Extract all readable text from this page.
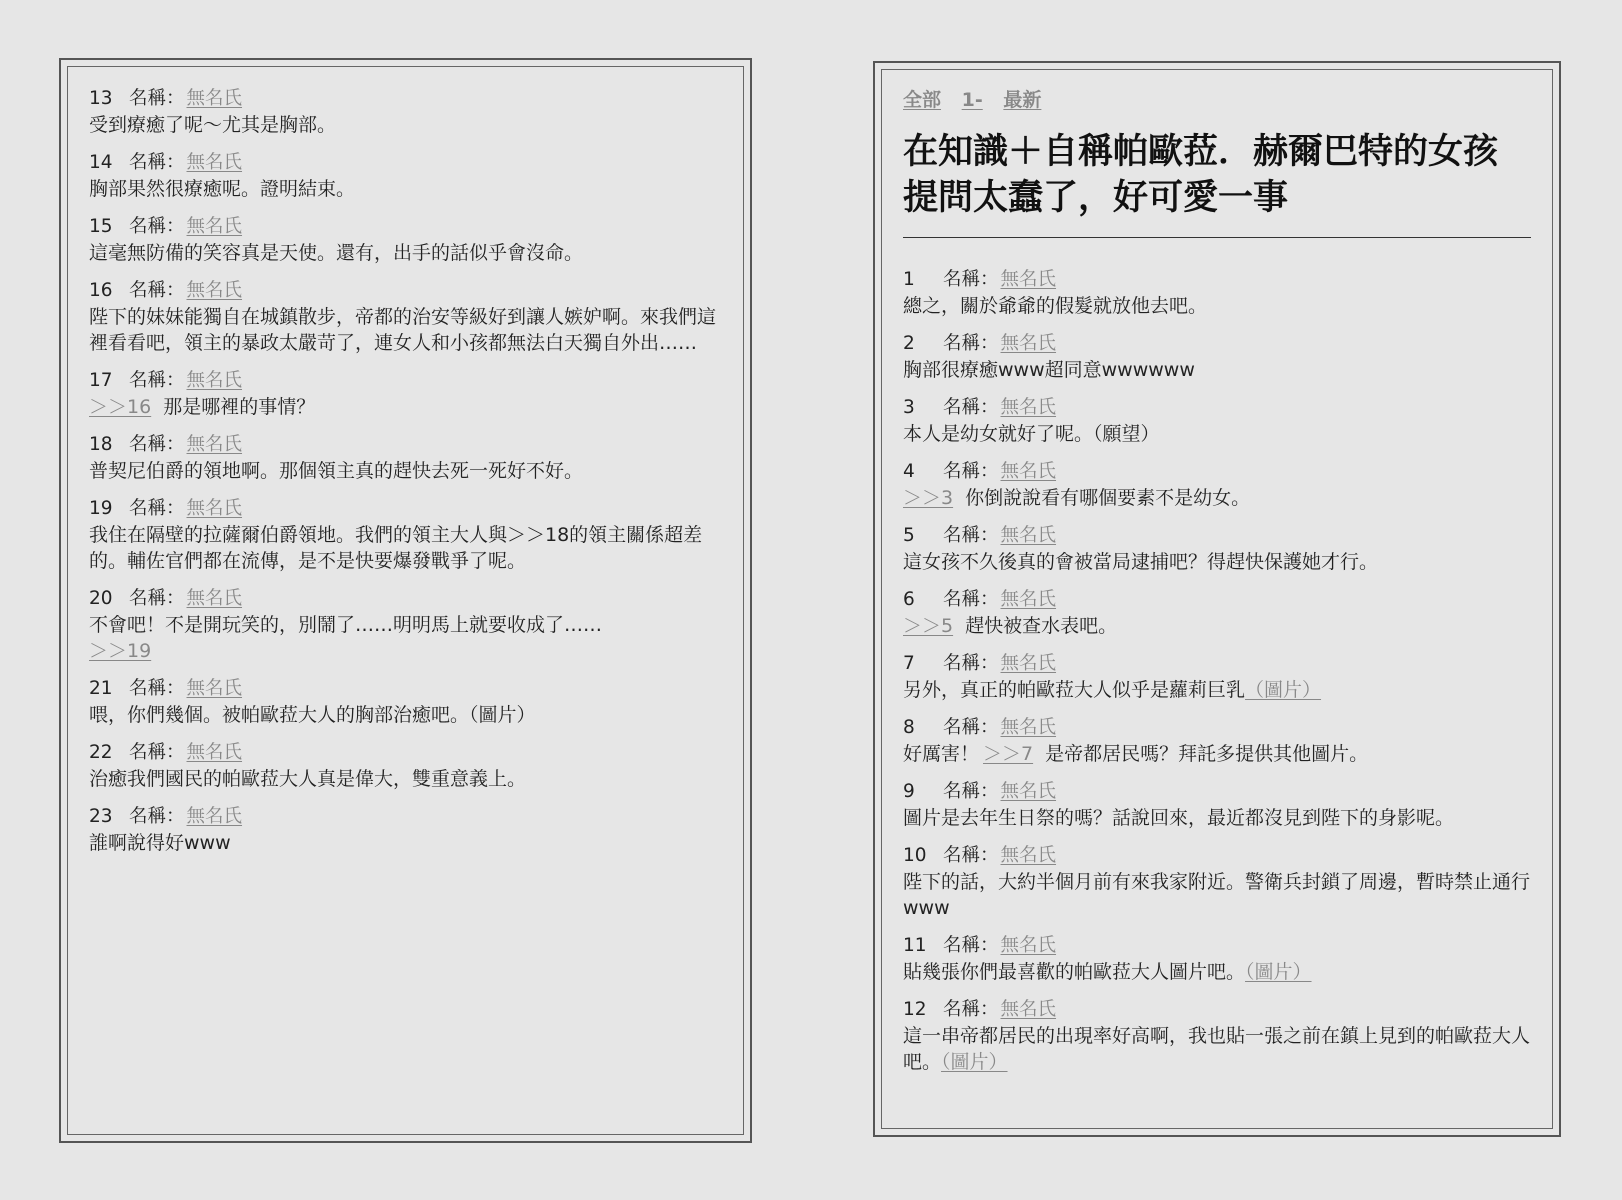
13 名稱： 無名氏
受到療癒了呢～尤其是胸部。
14 名稱： 無名氏
胸部果然很療癒呢。證明結束。
15 名稱： 無名氏
這毫無防備的笑容真是天使。還有，出手的話似乎會沒命。
16 名稱： 無名氏
陛下的妹妹能獨自在城鎮散步，帝都的治安等級好到讓人嫉妒啊。來我們這裡看看吧，領主的暴政太嚴苛了，連女人和小孩都無法白天獨自外出……
17 名稱： 無名氏
＞＞16 那是哪裡的事情？
18 名稱： 無名氏
普契尼伯爵的領地啊。那個領主真的趕快去死一死好不好。
19 名稱： 無名氏
我住在隔壁的拉薩爾伯爵領地。我們的領主大人與＞＞18的領主關係超差的。輔佐官們都在流傳，是不是快要爆發戰爭了呢。
20 名稱： 無名氏
不會吧！不是開玩笑的，別鬧了……明明馬上就要收成了……
＞＞19
21 名稱： 無名氏
喂，你們幾個。被帕歐菈大人的胸部治癒吧。（圖片）
22 名稱： 無名氏
治癒我們國民的帕歐菈大人真是偉大，雙重意義上。
23 名稱： 無名氏
誰啊說得好www
全部 1- 最新
在知識＋自稱帕歐菈．赫爾巴特的女孩
提問太蠢了，好可愛一事
1 名稱： 無名氏
總之，關於爺爺的假髮就放他去吧。
2 名稱： 無名氏
胸部很療癒www超同意wwwwww
3 名稱： 無名氏
本人是幼女就好了呢。（願望）
4 名稱： 無名氏
＞＞3 你倒說說看有哪個要素不是幼女。
5 名稱： 無名氏
這女孩不久後真的會被當局逮捕吧？得趕快保護她才行。
6 名稱： 無名氏
＞＞5 趕快被查水表吧。
7 名稱： 無名氏
另外，真正的帕歐菈大人似乎是蘿莉巨乳（圖片）
8 名稱： 無名氏
好厲害！ ＞＞7 是帝都居民嗎？拜託多提供其他圖片。
9 名稱： 無名氏
圖片是去年生日祭的嗎？話說回來，最近都沒見到陛下的身影呢。
10 名稱： 無名氏
陛下的話，大約半個月前有來我家附近。警衛兵封鎖了周邊，暫時禁止通行www
11 名稱： 無名氏
貼幾張你們最喜歡的帕歐菈大人圖片吧。（圖片）
12 名稱： 無名氏
這一串帝都居民的出現率好高啊，我也貼一張之前在鎮上見到的帕歐菈大人吧。（圖片）
